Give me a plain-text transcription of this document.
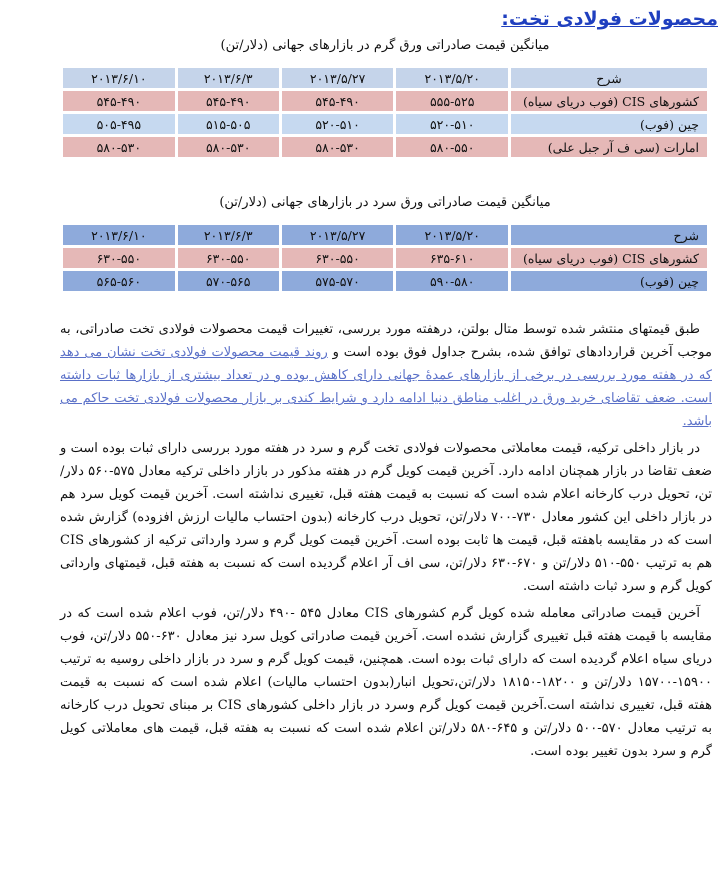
محصولات فولادی تخت:
میانگین قیمت صادراتی ورق گرم در بازارهای جهانی (دلار/تن)
شرح	۲۰۱۳/۵/۲۰	۲۰۱۳/۵/۲۷	۲۰۱۳/۶/۳	۲۰۱۳/۶/۱۰
کشورهای CIS (فوب دریای سیاه)	۵۵۵-۵۲۵	۵۴۵-۴۹۰	۵۴۵-۴۹۰	۵۴۵-۴۹۰
چین (فوب)	۵۲۰-۵۱۰	۵۲۰-۵۱۰	۵۱۵-۵۰۵	۵۰۵-۴۹۵
امارات (سی ف آر جبل علی)	۵۸۰-۵۵۰	۵۸۰-۵۳۰	۵۸۰-۵۳۰	۵۸۰-۵۳۰
میانگین قیمت صادراتی ورق سرد در بازارهای جهانی (دلار/تن)
شرح	۲۰۱۳/۵/۲۰	۲۰۱۳/۵/۲۷	۲۰۱۳/۶/۳	۲۰۱۳/۶/۱۰
کشورهای CIS (فوب دریای سیاه)	۶۳۵-۶۱۰	۶۳۰-۵۵۰	۶۳۰-۵۵۰	۶۳۰-۵۵۰
چین (فوب)	۵۹۰-۵۸۰	۵۷۵-۵۷۰	۵۷۰-۵۶۵	۵۶۵-۵۶۰

طبق قیمتهای منتشر شده توسط متال بولتن، درهفته مورد بررسی، تغییرات قیمت محصولات فولادی تخت صادراتی، به موجب آخرین قراردادهای توافق شده، بشرح جداول فوق بوده است و روند قیمت محصولات فولادی تخت نشان می دهد که در هفته مورد بررسی در برخی از بازارهای عمدۀ جهانی دارای کاهش بوده و در تعداد بیشتری از بازارها ثبات داشته است. ضعف تقاضای خرید ورق در اغلب مناطق دنیا ادامه دارد و شرایط کندی بر بازار محصولات فولادی تخت حاکم می باشد.

در بازار داخلی ترکیه، قیمت معاملاتی محصولات فولادی تخت گرم و سرد در هفته مورد بررسی دارای ثبات بوده است و ضعف تقاضا در بازار همچنان ادامه دارد. آخرین قیمت کویل گرم در هفته مذکور در بازار داخلی ترکیه معادل ۵۷۵-۵۶۰ دلار/تن، تحویل درب کارخانه اعلام شده است که نسبت به قیمت هفته قبل، تغییری نداشته است. آخرین قیمت کویل سرد هم در بازار داخلی این کشور معادل ۷۳۰-۷۰۰ دلار/تن، تحویل درب کارخانه (بدون احتساب مالیات ارزش افزوده) گزارش شده است که در مقایسه باهفته قبل، قیمت ها ثابت بوده است. آخرین قیمت کویل گرم و سرد وارداتی ترکیه از کشورهای CIS هم به ترتیب ۵۵۰-۵۱۰ دلار/تن و ۶۷۰-۶۳۰ دلار/تن، سی اف آر اعلام گردیده است که نسبت به هفته قبل، قیمتهای وارداتی کویل گرم و سرد ثبات داشته است.

آخرین قیمت صادراتی معامله شده کویل گرم کشورهای CIS معادل ۵۴۵ -۴۹۰ دلار/تن، فوب اعلام شده است که در مقایسه با قیمت هفته قبل تغییری گزارش نشده است. آخرین قیمت صادراتی کویل سرد نیز معادل ۶۳۰-۵۵۰ دلار/تن، فوب دریای سیاه اعلام گردیده است که دارای ثبات بوده است. همچنین، قیمت کویل گرم و سرد در بازار داخلی روسیه به ترتیب ۱۵۹۰۰-۱۵۷۰۰ دلار/تن و ۱۸۲۰۰-۱۸۱۵۰ دلار/تن،تحویل انبار(بدون احتساب مالیات) اعلام شده است که نسبت به قیمت هفته قبل، تغییری نداشته است.آخرین قیمت کویل گرم وسرد در بازار داخلی کشورهای CIS بر مبنای تحویل درب کارخانه به ترتیب معادل ۵۷۰-۵۰۰ دلار/تن و ۶۴۵-۵۸۰ دلار/تن اعلام شده است که نسبت به هفته قبل، قیمت های معاملاتی کویل گرم و سرد بدون تغییر بوده است.
